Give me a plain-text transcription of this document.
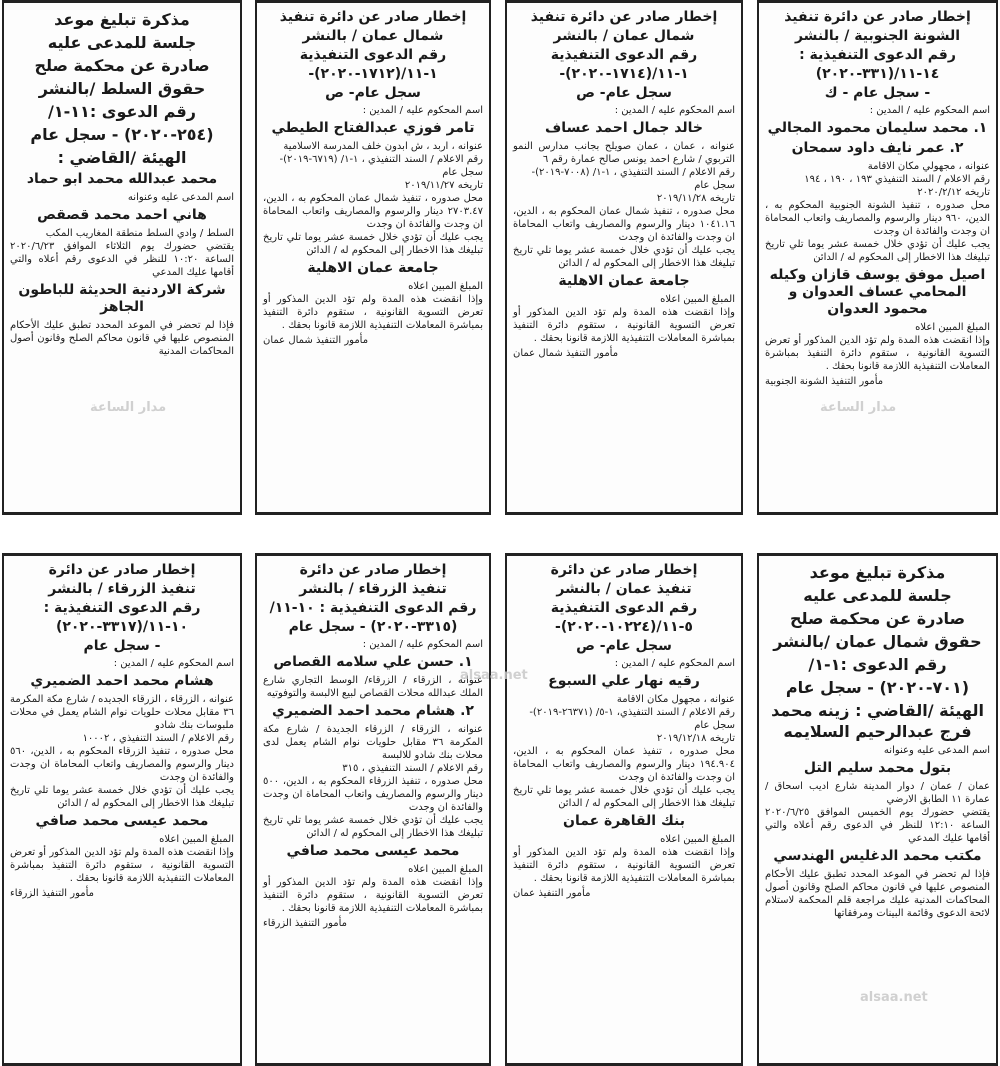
إخطار صادر عن دائرة تنفيذ
الشونة الجنوبية / بالنشر
رقم الدعوى التنفيذية :
١٤-١١/(٣٣١-٢٠٢٠)
- سجل عام - ك
اسم المحكوم عليه / المدين :
١. محمد سليمان محمود المجالي
٢. عمر نايف داود سمحان
عنوانه ، مجهولي مكان الاقامة
رقم الاعلام / السند التنفيذي ١٩٣ ، ١٩٠ ، ١٩٤
تاريخه ٢٠٢٠/٢/١٢
محل صدوره ، تنفيذ الشونة الجنوبية المحكوم به ، الدين، ٩٦٠ دينار والرسوم والمصاريف واتعاب المحاماة ان وجدت والفائدة ان وجدت
يجب عليك أن تؤدي خلال خمسة عشر يوما تلي تاريخ تبليغك هذا الاخطار إلى المحكوم له / الدائن
اصيل موفق يوسف قازان وكيله المحامي عساف العدوان و محمود العدوان
المبلغ المبين اعلاه
وإذا انقضت هذه المدة ولم تؤد الدين المذكور أو تعرض التسوية القانونية ، ستقوم دائرة التنفيذ بمباشرة المعاملات التنفيذية اللازمة قانونا بحقك .
مأمور التنفيذ الشونة الجنوبية
إخطار صادر عن دائرة تنفيذ
شمال عمان / بالنشر
رقم الدعوى التنفيذية
١-١١/(١٧١٤-٢٠٢٠)-
سجل عام- ص
اسم المحكوم عليه / المدين :
خالد جمال احمد عساف
عنوانه ، عمان ، عمان صويلح بجانب مدارس النمو التربوي / شارع احمد يونس صالح عمارة رقم ٦
رقم الاعلام / السند التنفيذي ، ١-١/ (٧٠٠٨-٢٠١٩)-سجل عام
تاريخه ٢٠١٩/١١/٢٨
محل صدوره ، تنفيذ شمال عمان المحكوم به ، الدين، ١٠٤١.١٦ دينار والرسوم والمصاريف واتعاب المحاماة ان وجدت والفائدة ان وجدت
يجب عليك أن تؤدي خلال خمسة عشر يوما تلي تاريخ تبليغك هذا الاخطار إلى المحكوم له / الدائن
جامعة عمان الاهلية
المبلغ المبين اعلاه
وإذا انقضت هذه المدة ولم تؤد الدين المذكور أو تعرض التسوية القانونية ، ستقوم دائرة التنفيذ بمباشرة المعاملات التنفيذية اللازمة قانونا بحقك .
مأمور التنفيذ شمال عمان
إخطار صادر عن دائرة تنفيذ
شمال عمان / بالنشر
رقم الدعوى التنفيذية
١-١١/(١٧١٢-٢٠٢٠)-
سجل عام- ص
اسم المحكوم عليه / المدين :
تامر فوزي عبدالفتاح الطيطي
عنوانه ، اربد ، ش ابدون خلف المدرسة الاسلامية
رقم الاعلام / السند التنفيذي ، ١-١/ (٦٧١٩-٢٠١٩)-سجل عام
تاريخه ٢٠١٩/١١/٢٧
محل صدوره ، تنفيذ شمال عمان المحكوم به ، الدين، ٢٧٠٣.٤٧ دينار والرسوم والمصاريف واتعاب المحاماة ان وجدت والفائدة ان وجدت
يجب عليك أن تؤدي خلال خمسة عشر يوما تلي تاريخ تبليغك هذا الاخطار إلى المحكوم له / الدائن
جامعة عمان الاهلية
المبلغ المبين اعلاه
وإذا انقضت هذه المدة ولم تؤد الدين المذكور أو تعرض التسوية القانونية ، ستقوم دائرة التنفيذ بمباشرة المعاملات التنفيذية اللازمة قانونا بحقك .
مأمور التنفيذ شمال عمان
مذكرة تبليغ موعد
جلسة للمدعى عليه
صادرة عن محكمة صلح
حقوق السلط /بالنشر
رقم الدعوى :١١-١/
(٢٥٤-٢٠٢٠) - سجل عام
الهيئة /القاضي :
محمد عبدالله محمد ابو حماد
اسم المدعى عليه وعنوانه
هاني احمد محمد قصقص
السلط / وادي السلط منطقة المغاريب المكب
يقتضي حضورك يوم الثلاثاء الموافق ٢٠٢٠/٦/٢٣ الساعة ١٠:٢٠ للنظر في الدعوى رقم أعلاه والتي أقامها عليك المدعي
شركة الاردنية الحديثة للباطون الجاهز
فإذا لم تحضر في الموعد المحدد تطبق عليك الأحكام المنصوص عليها في قانون محاكم الصلح وقانون أصول المحاكمات المدنية
مذكرة تبليغ موعد
جلسة للمدعى عليه
صادرة عن محكمة صلح
حقوق شمال عمان /بالنشر
رقم الدعوى :١-١/
(٧٠١-٢٠٢٠) - سجل عام
الهيئة /القاضي : زينه محمد فرج عبدالرحيم السلايمه
اسم المدعى عليه وعنوانه
بتول محمد سليم التل
عمان / عمان / دوار المدينة شارع اديب اسحاق / عمارة ١١ الطابق الارضي
يقتضي حضورك يوم الخميس الموافق ٢٠٢٠/٦/٢٥ الساعة ١٢:١٠ للنظر في الدعوى رقم أعلاه والتي أقامها عليك المدعي
مكتب محمد الدغليس الهندسي
فإذا لم تحضر في الموعد المحدد تطبق عليك الأحكام المنصوص عليها في قانون محاكم الصلح وقانون أصول المحاكمات المدنية عليك مراجعة قلم المحكمة لاستلام لائحة الدعوى وقائمة البينات ومرفقاتها
إخطار صادر عن دائرة
تنفيذ عمان / بالنشر
رقم الدعوى التنفيذية
٥-١١/(١٠٢٢٤-٢٠٢٠)-
سجل عام- ص
اسم المحكوم عليه / المدين :
رقيه نهار علي السبوع
عنوانه ، مجهول مكان الاقامة
رقم الاعلام / السند التنفيذي، ١-٥/ (٢٦٣٧١-٢٠١٩)-سجل عام
تاريخه ٢٠١٩/١٢/١٨
محل صدوره ، تنفيذ عمان المحكوم به ، الدين، ١٩٤.٩٠٤ دينار والرسوم والمصاريف واتعاب المحاماة ان وجدت والفائدة ان وجدت
يجب عليك أن تؤدي خلال خمسة عشر يوما تلي تاريخ تبليغك هذا الاخطار إلى المحكوم له / الدائن
بنك القاهرة عمان
المبلغ المبين اعلاه
وإذا انقضت هذه المدة ولم تؤد الدين المذكور أو تعرض التسوية القانونية ، ستقوم دائرة التنفيذ بمباشرة المعاملات التنفيذية اللازمة قانونا بحقك .
مأمور التنفيذ عمان
إخطار صادر عن دائرة
تنفيذ الزرقاء / بالنشر
رقم الدعوى التنفيذية : ١٠-١١/
(٣٣١٥-٢٠٢٠) - سجل عام
اسم المحكوم عليه / المدين :
١. حسن علي سلامه القصاص
عنوانه ، الزرقاء / الزرقاء/ الوسط التجاري شارع الملك عبدالله محلات القصاص لبيع الالبسة والتوفوتيه
٢. هشام محمد احمد الضميري
عنوانه ، الزرقاء / الزرقاء الجديدة / شارع مكة المكرمة ٣٦ مقابل حلويات نوام الشام يعمل لدى محلات بنك شادو للالبسة
رقم الاعلام / السند التنفيذي ، ٣١٥
محل صدوره ، تنفيذ الزرقاء المحكوم به ، الدين، ٥٠٠ دينار والرسوم والمصاريف واتعاب المحاماة ان وجدت والفائدة ان وجدت
يجب عليك أن تؤدي خلال خمسة عشر يوما تلي تاريخ تبليغك هذا الاخطار إلى المحكوم له / الدائن
محمد عيسى محمد صافي
المبلغ المبين اعلاه
وإذا انقضت هذه المدة ولم تؤد الدين المذكور أو تعرض التسوية القانونية ، ستقوم دائرة التنفيذ بمباشرة المعاملات التنفيذية اللازمة قانونا بحقك .
مأمور التنفيذ الزرقاء
إخطار صادر عن دائرة
تنفيذ الزرقاء / بالنشر
رقم الدعوى التنفيذية :
١٠-١١/(٣٣١٧-٢٠٢٠)
- سجل عام
اسم المحكوم عليه / المدين :
هشام محمد احمد الضميري
عنوانه ، الزرقاء ، الزرقاء الجديده / شارع مكة المكرمة ٣٦ مقابل محلات حلويات نوام الشام يعمل في محلات ملبوسات بنك شادو
رقم الاعلام / السند التنفيذي ، ١٠٠٠٢
محل صدوره ، تنفيذ الزرقاء المحكوم به ، الدين، ٥٦٠ دينار والرسوم والمصاريف واتعاب المحاماة ان وجدت والفائدة ان وجدت
يجب عليك أن تؤدي خلال خمسة عشر يوما تلي تاريخ تبليغك هذا الاخطار إلى المحكوم له / الدائن
محمد عيسى محمد صافي
المبلغ المبين اعلاه
وإذا انقضت هذه المدة ولم تؤد الدين المذكور أو تعرض التسوية القانونية ، ستقوم دائرة التنفيذ بمباشرة المعاملات التنفيذية اللازمة قانونا بحقك .
مأمور التنفيذ الزرقاء
مدار الساعة
مدار الساعة
alsaa.net
alsaa.net
